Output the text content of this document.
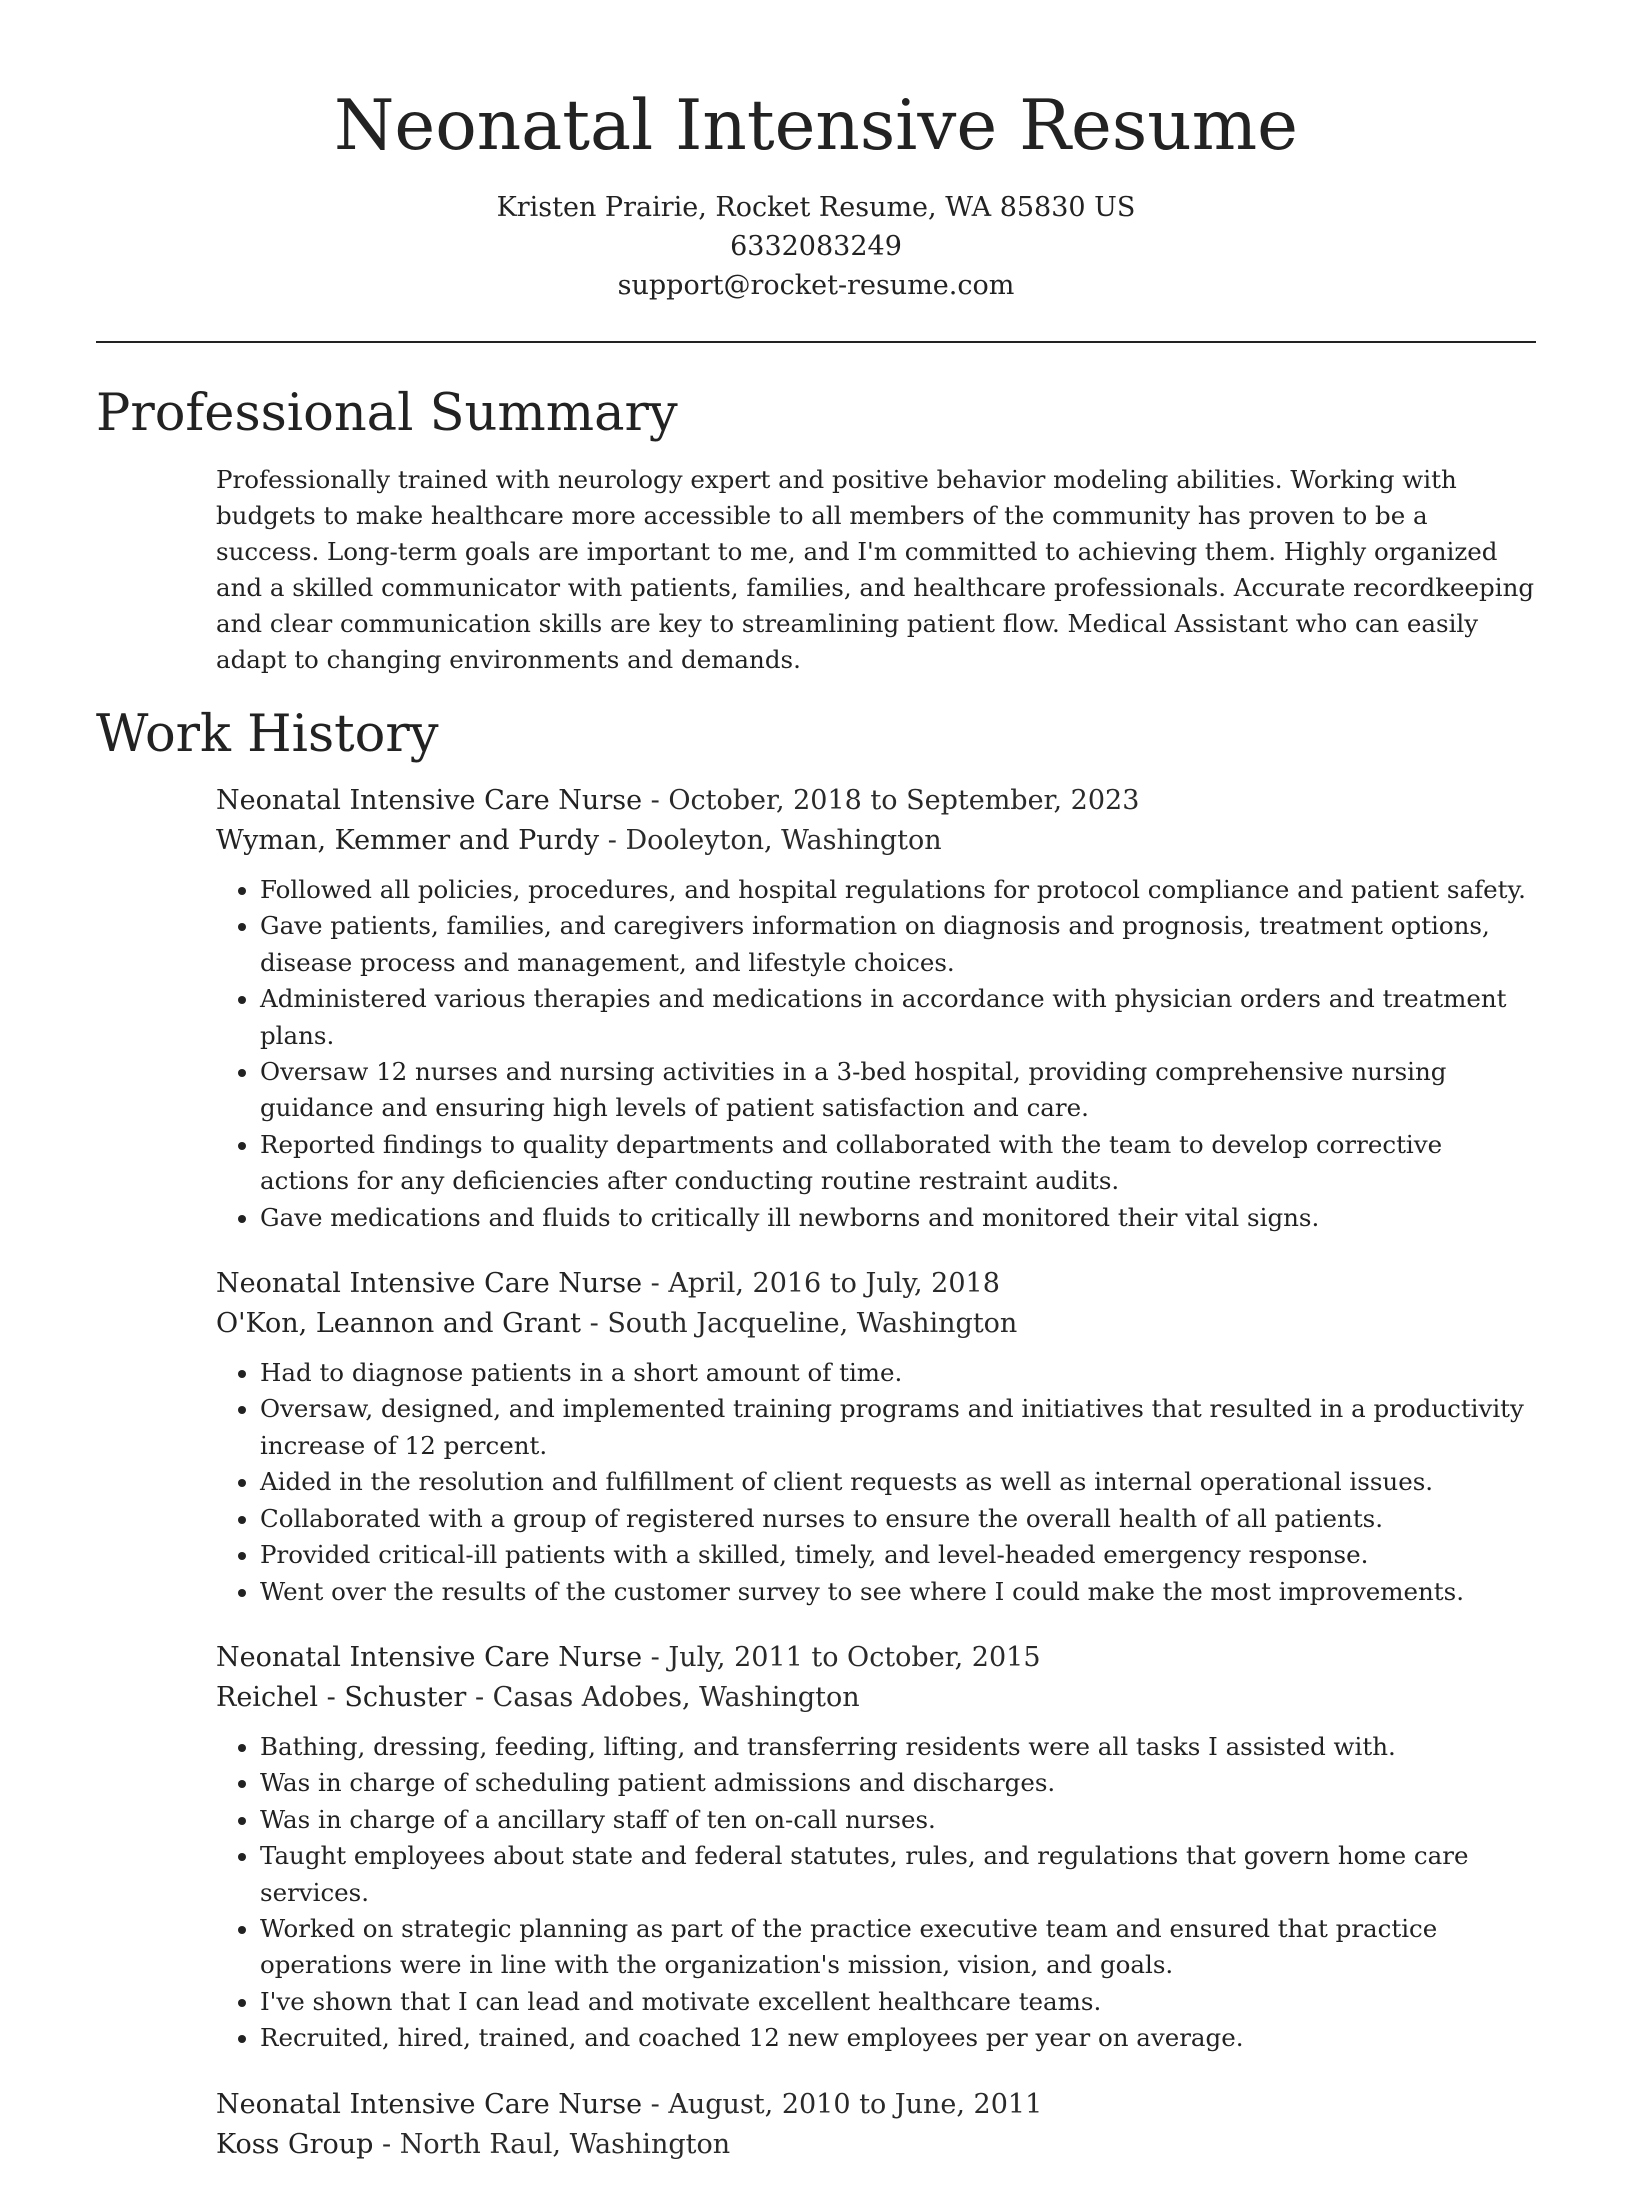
Neonatal Intensive Resume
Kristen Prairie, Rocket Resume, WA 85830 US
6332083249
support@rocket-resume.com
Professional Summary
Professionally trained with neurology expert and positive behavior modeling abilities. Working with budgets to make healthcare more accessible to all members of the community has proven to be a success. Long-term goals are important to me, and I'm committed to achieving them. Highly organized and a skilled communicator with patients, families, and healthcare professionals. Accurate recordkeeping and clear communication skills are key to streamlining patient flow. Medical Assistant who can easily adapt to changing environments and demands.
Work History
Neonatal Intensive Care Nurse - October, 2018 to September, 2023
Wyman, Kemmer and Purdy - Dooleyton, Washington
• Followed all policies, procedures, and hospital regulations for protocol compliance and patient safety.
• Gave patients, families, and caregivers information on diagnosis and prognosis, treatment options, disease process and management, and lifestyle choices.
• Administered various therapies and medications in accordance with physician orders and treatment plans.
• Oversaw 12 nurses and nursing activities in a 3-bed hospital, providing comprehensive nursing guidance and ensuring high levels of patient satisfaction and care.
• Reported findings to quality departments and collaborated with the team to develop corrective actions for any deficiencies after conducting routine restraint audits.
• Gave medications and fluids to critically ill newborns and monitored their vital signs.
Neonatal Intensive Care Nurse - April, 2016 to July, 2018
O'Kon, Leannon and Grant - South Jacqueline, Washington
• Had to diagnose patients in a short amount of time.
• Oversaw, designed, and implemented training programs and initiatives that resulted in a productivity increase of 12 percent.
• Aided in the resolution and fulfillment of client requests as well as internal operational issues.
• Collaborated with a group of registered nurses to ensure the overall health of all patients.
• Provided critical-ill patients with a skilled, timely, and level-headed emergency response.
• Went over the results of the customer survey to see where I could make the most improvements.
Neonatal Intensive Care Nurse - July, 2011 to October, 2015
Reichel - Schuster - Casas Adobes, Washington
• Bathing, dressing, feeding, lifting, and transferring residents were all tasks I assisted with.
• Was in charge of scheduling patient admissions and discharges.
• Was in charge of a ancillary staff of ten on-call nurses.
• Taught employees about state and federal statutes, rules, and regulations that govern home care services.
• Worked on strategic planning as part of the practice executive team and ensured that practice operations were in line with the organization's mission, vision, and goals.
• I've shown that I can lead and motivate excellent healthcare teams.
• Recruited, hired, trained, and coached 12 new employees per year on average.
Neonatal Intensive Care Nurse - August, 2010 to June, 2011
Koss Group - North Raul, Washington
